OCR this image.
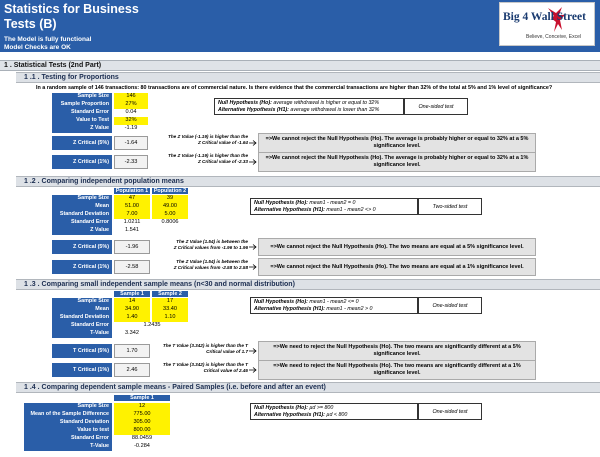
Statistics for Business
Tests (B)
The Model is fully functional
Model Checks are OK
Big 4 Wall Street
Believe, Conceive, Excel
1 . Statistical Tests (2nd Part)
1 .1 . Testing for Proportions
In a random sample of 146 transactions: 80 transactions are of commercial nature. Is there evidence that the commercial transactions are higher than 32% of the total at 5% and 1% level of significance?
Sample Size	146
Sample Proportion	27%
Standard Error	0.04
Value to Test	32%
Z Value	-1.19
Null Hypothesis (Ho): average withdrawal is higher or equal to 32%
Alternative Hypothesis (H1): average withdrawal is lower than 32%
One-sided test
Z Critical (5%)	-1.64
The Z Value (-1.19) is higher than the
Z Critical value of -1.64	=>We cannot reject the Null Hypothesis (Ho). The average is probably higher or equal to 32% at a 5% significance level.
Z Critical (1%)	-2.33
The Z Value (-1.19) is higher than the
Z Critical value of -2.33	=>We cannot reject the Null Hypothesis (Ho). The average is probably higher or equal to 32% at a 1% significance level.
1 .2 . Comparing independent population means
Population 1	Population 2
Sample Size	47	39
Mean	51.00	49.00
Standard Deviation	7.00	5.00
Standard Error	1.0211	0.8006
Z Value	1.541
Null Hypothesis (Ho): mean1 - mean2 = 0
Alternative Hypothesis (H1): mean1 - mean2 <> 0
Two-sided test
Z Critical (5%)	-1.96
The Z Value (1.54) is between the
Z Critical values from -1.96 to 1.96	=>We cannot reject the Null Hypothesis (Ho). The two means are equal at a 5% significance level.
Z Critical (1%)	-2.58
The Z Value (1.54) is between the
Z Critical values from -2.58 to 2.58	=>We cannot reject the Null Hypothesis (Ho). The two means are equal at a 1% significance level.
1 .3 . Comparing small independent sample means (n<30 and normal distribution)
Sample 1	Sample 2
Sample Size	14	17
Mean	34.90	33.40
Standard Deviation	1.40	1.10
Standard Error	1.2435
T-Value	3.342
Null Hypothesis (Ho): mean1 - mean2 <= 0
Alternative Hypothesis (H1): mean1 - mean2 > 0
One-sided test
T Critical (5%)	1.70
The T Value (3.342) is higher than the T
Critical value of 1.7
=>We need to reject the Null Hypothesis (Ho). The two means are significantly different at a 5% significance level.
T Critical (1%)	2.46
The T Value (3.342) is higher than the T
Critical value of 2.46
=>We need to reject the Null Hypothesis (Ho). The two means are significantly different at a 1% significance level.
1 .4 . Comparing dependent sample means - Paired Samples (i.e. before and after an event)
Sample 1
Sample Size	12
Mean of the Sample Difference	775.00
Standard Deviation	305.00
Value to test	800.00
Standard Error	88.0459
T-Value	-0.284
Null Hypothesis (Ho): µd >= 800
Alternative Hypothesis (H1): µd < 800
One-sided test
